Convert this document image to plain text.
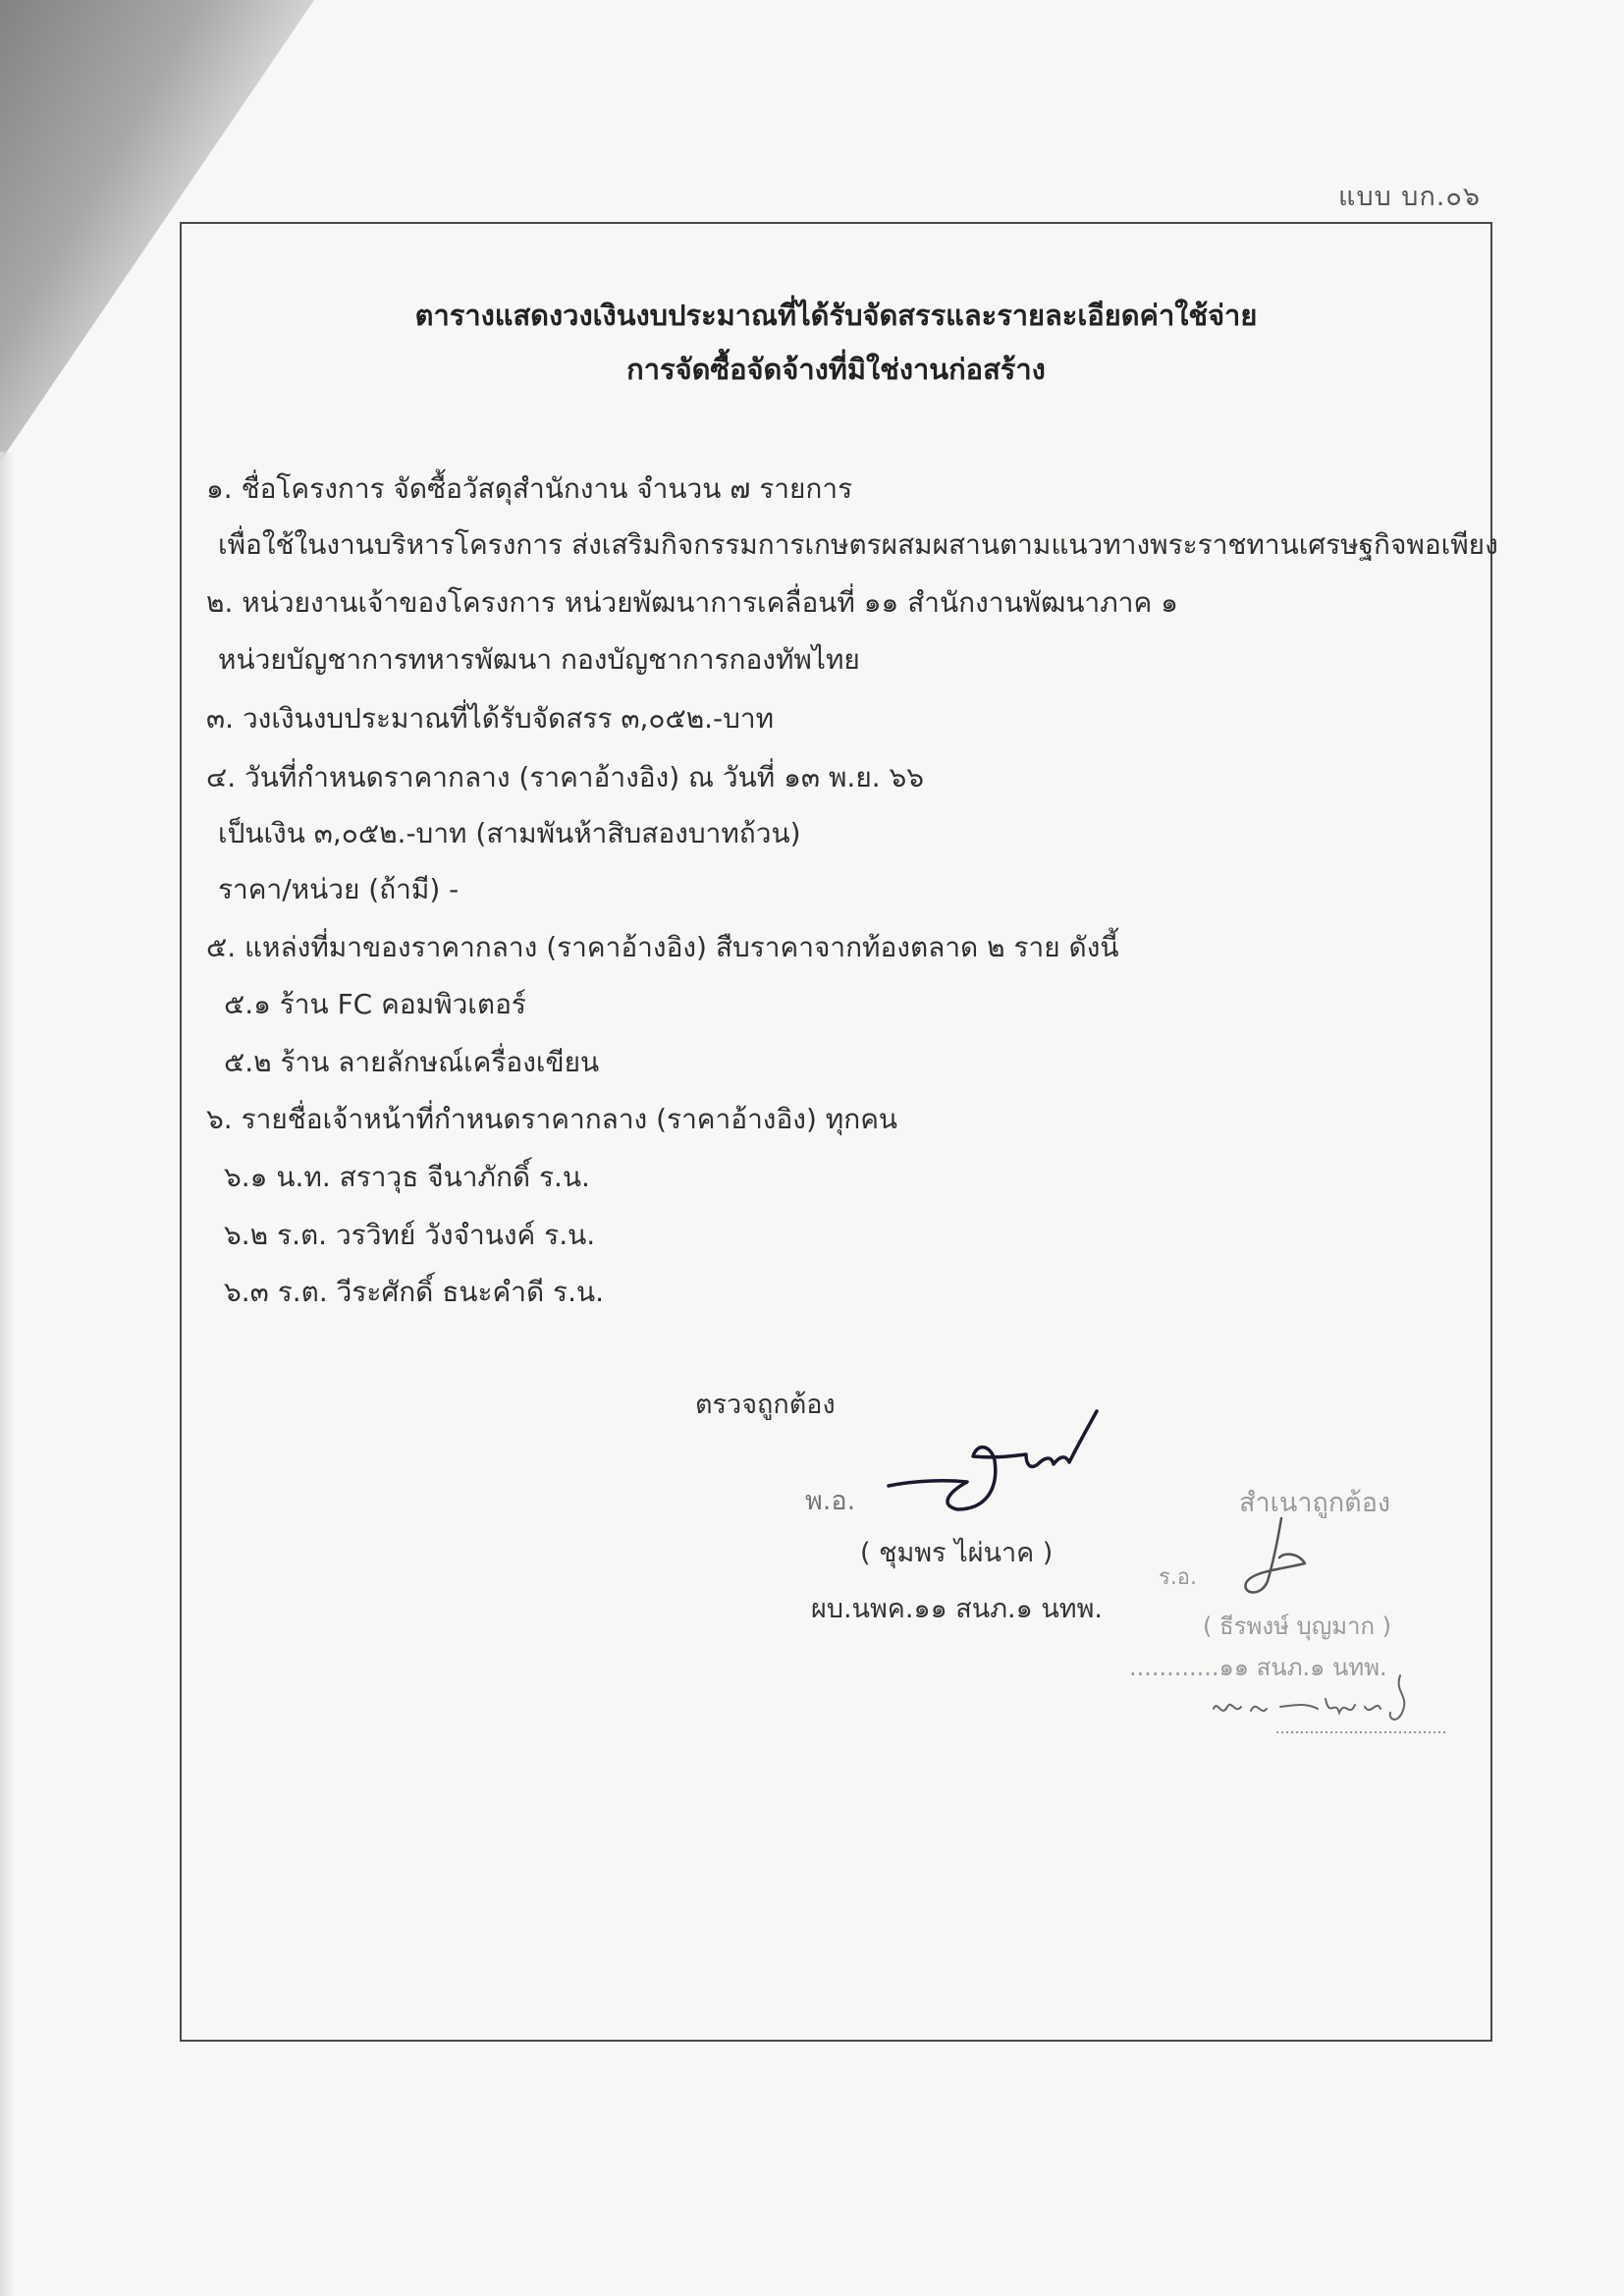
แบบ บก.๐๖
ตารางแสดงวงเงินงบประมาณที่ได้รับจัดสรรและรายละเอียดค่าใช้จ่าย
การจัดซื้อจัดจ้างที่มิใช่งานก่อสร้าง
๑. ชื่อโครงการ จัดซื้อวัสดุสำนักงาน จำนวน ๗ รายการ
เพื่อใช้ในงานบริหารโครงการ ส่งเสริมกิจกรรมการเกษตรผสมผสานตามแนวทางพระราชทานเศรษฐกิจพอเพียง
๒. หน่วยงานเจ้าของโครงการ หน่วยพัฒนาการเคลื่อนที่ ๑๑ สำนักงานพัฒนาภาค ๑
หน่วยบัญชาการทหารพัฒนา กองบัญชาการกองทัพไทย
๓. วงเงินงบประมาณที่ได้รับจัดสรร ๓,๐๕๒.-บาท
๔. วันที่กำหนดราคากลาง (ราคาอ้างอิง) ณ วันที่ ๑๓ พ.ย. ๖๖
เป็นเงิน ๓,๐๕๒.-บาท (สามพันห้าสิบสองบาทถ้วน)
ราคา/หน่วย (ถ้ามี) -
๕. แหล่งที่มาของราคากลาง (ราคาอ้างอิง) สืบราคาจากท้องตลาด ๒ ราย ดังนี้
๕.๑ ร้าน FC คอมพิวเตอร์
๕.๒ ร้าน ลายลักษณ์เครื่องเขียน
๖. รายชื่อเจ้าหน้าที่กำหนดราคากลาง (ราคาอ้างอิง) ทุกคน
๖.๑ น.ท. สราวุธ จีนาภักดิ์ ร.น.
๖.๒ ร.ต. วรวิทย์ วังจำนงค์ ร.น.
๖.๓ ร.ต. วีระศักดิ์ ธนะคำดี ร.น.
ตรวจถูกต้อง
พ.อ.
( ชุมพร ไผ่นาค )
ผบ.นพค.๑๑ สนภ.๑ นทพ.
สำเนาถูกต้อง
ร.อ.
( ธีรพงษ์ บุญมาก )
............๑๑ สนภ.๑ นทพ.
